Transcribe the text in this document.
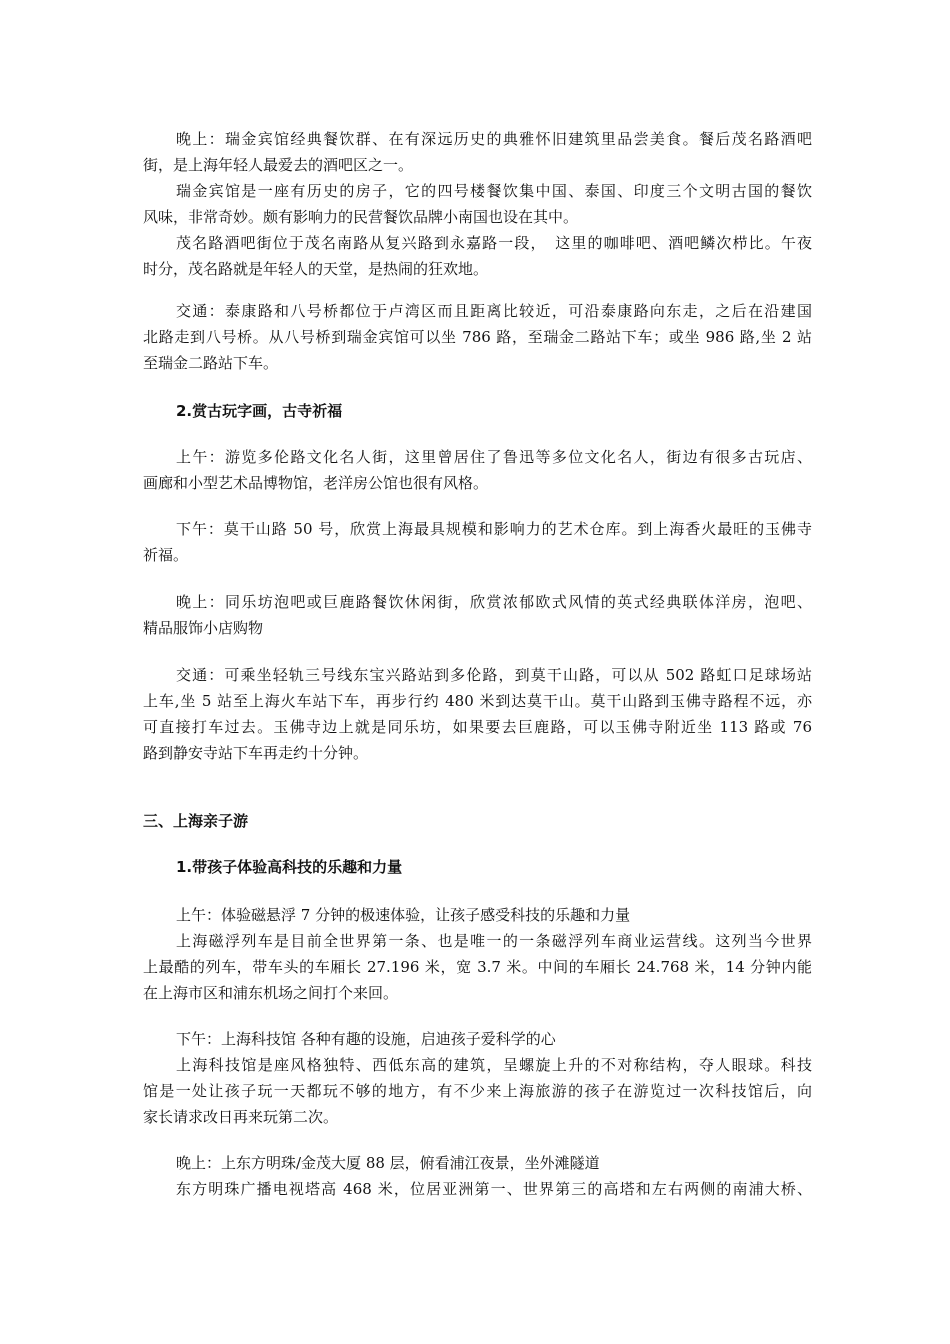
晚上：瑞金宾馆经典餐饮群、在有深远历史的典雅怀旧建筑里品尝美食。餐后茂名路酒吧
街，是上海年轻人最爱去的酒吧区之一。
瑞金宾馆是一座有历史的房子，它的四号楼餐饮集中国、泰国、印度三个文明古国的餐饮
风味，非常奇妙。颇有影响力的民营餐饮品牌小南国也设在其中。
茂名路酒吧街位于茂名南路从复兴路到永嘉路一段，　这里的咖啡吧、酒吧鳞次栉比。午夜
时分，茂名路就是年轻人的天堂，是热闹的狂欢地。
交通：泰康路和八号桥都位于卢湾区而且距离比较近，可沿泰康路向东走，之后在沿建国
北路走到八号桥。从八号桥到瑞金宾馆可以坐 786 路，至瑞金二路站下车；或坐 986 路,坐 2 站
至瑞金二路站下车。
2.赏古玩字画，古寺祈福
上午：游览多伦路文化名人街，这里曾居住了鲁迅等多位文化名人，街边有很多古玩店、
画廊和小型艺术品博物馆，老洋房公馆也很有风格。
下午：莫干山路 50 号，欣赏上海最具规模和影响力的艺术仓库。到上海香火最旺的玉佛寺
祈福。
晚上：同乐坊泡吧或巨鹿路餐饮休闲街，欣赏浓郁欧式风情的英式经典联体洋房，泡吧、
精品服饰小店购物
交通：可乘坐轻轨三号线东宝兴路站到多伦路，到莫干山路，可以从 502 路虹口足球场站
上车,坐 5 站至上海火车站下车，再步行约 480 米到达莫干山。莫干山路到玉佛寺路程不远，亦
可直接打车过去。玉佛寺边上就是同乐坊，如果要去巨鹿路，可以玉佛寺附近坐 113 路或 76
路到静安寺站下车再走约十分钟。
三、上海亲子游
1.带孩子体验高科技的乐趣和力量
上午：体验磁悬浮 7 分钟的极速体验，让孩子感受科技的乐趣和力量
上海磁浮列车是目前全世界第一条、也是唯一的一条磁浮列车商业运营线。这列当今世界
上最酷的列车，带车头的车厢长 27.196 米，宽 3.7 米。中间的车厢长 24.768 米，14 分钟内能
在上海市区和浦东机场之间打个来回。
下午：上海科技馆 各种有趣的设施，启迪孩子爱科学的心
上海科技馆是座风格独特、西低东高的建筑，呈螺旋上升的不对称结构，夺人眼球。科技
馆是一处让孩子玩一天都玩不够的地方，有不少来上海旅游的孩子在游览过一次科技馆后，向
家长请求改日再来玩第二次。
晚上：上东方明珠/金茂大厦 88 层，俯看浦江夜景，坐外滩隧道
东方明珠广播电视塔高 468 米，位居亚洲第一、世界第三的高塔和左右两侧的南浦大桥、
